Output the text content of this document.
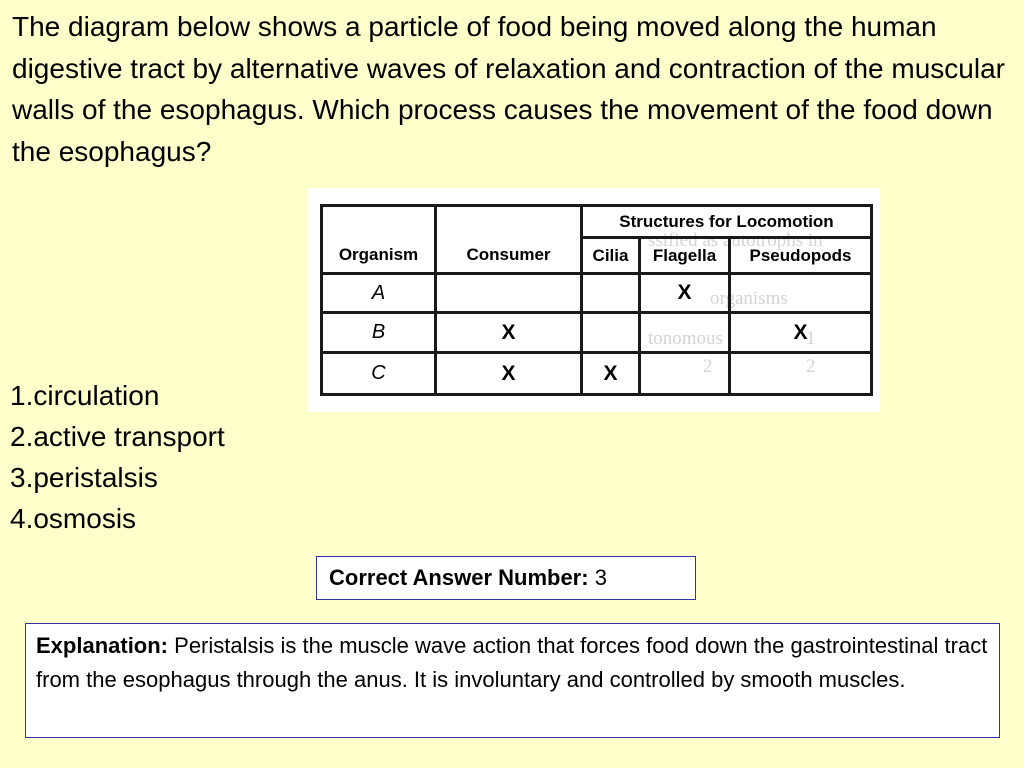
The diagram below shows a particle of food being moved along the human digestive tract by alternative waves of relaxation and contraction of the muscular walls of the esophagus. Which process causes the movement of the food down the esophagus?

ssified as autotrophs in
organisms
tonomous	1
2	2
		Structures for Locomotion		
Organism	Consumer	Cilia	Flagella	Pseudopods
A			X	
B	X			X
C	X	X		
1.circulation
2.active transport
3.peristalsis
4.osmosis
Correct Answer Number: 3
Explanation: Peristalsis is the muscle wave action that forces food down the gastrointestinal tract from the esophagus through the anus. It is involuntary and controlled by smooth muscles.
